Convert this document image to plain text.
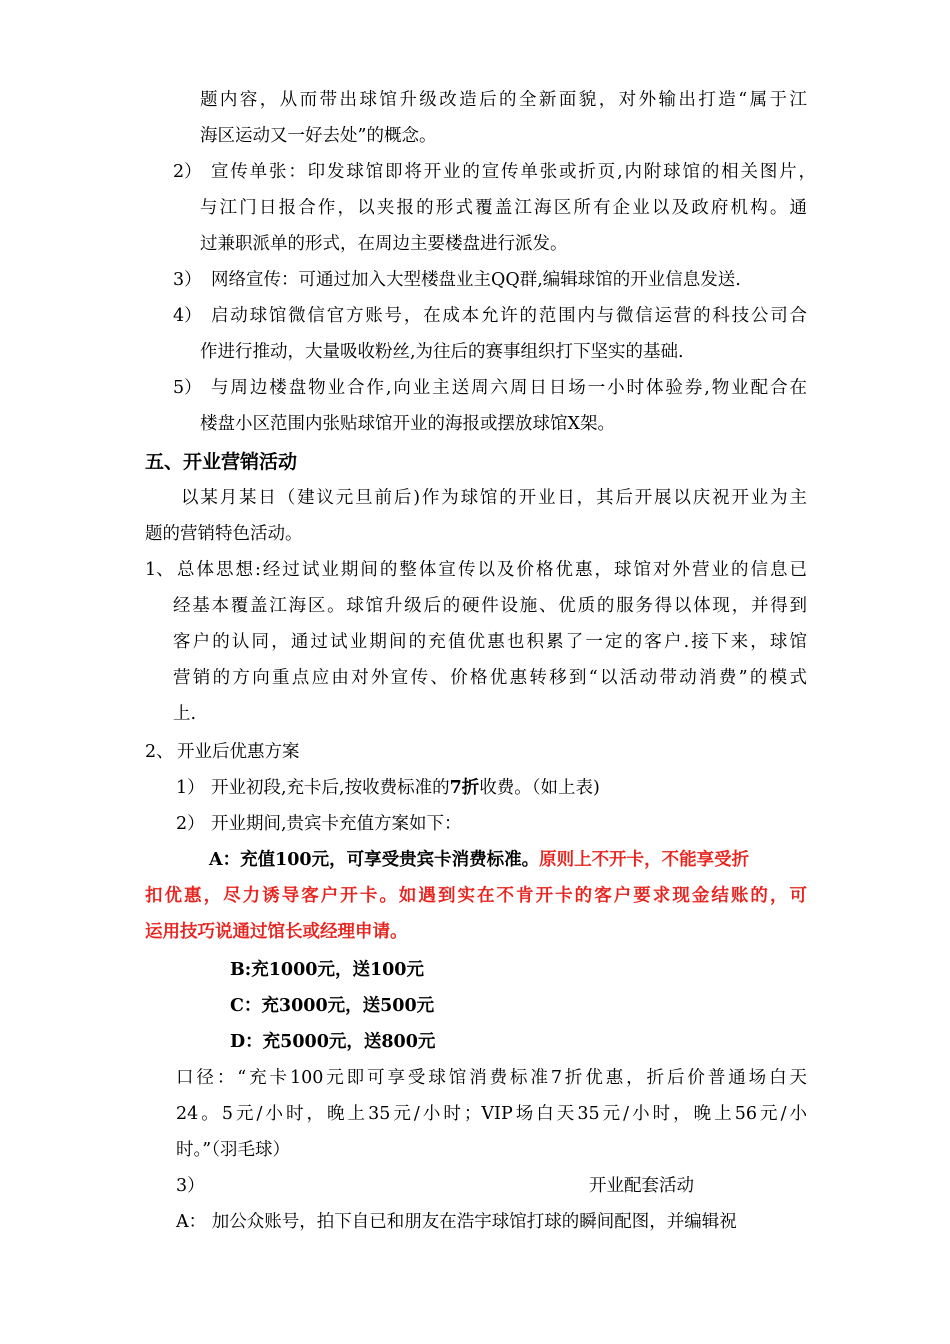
题内容，从而带出球馆升级改造后的全新面貌，对外输出打造“属于江
海区运动又一好去处”的概念。
2） 宣传单张：印发球馆即将开业的宣传单张或折页,内附球馆的相关图片，
与江门日报合作，以夹报的形式覆盖江海区所有企业以及政府机构。通
过兼职派单的形式，在周边主要楼盘进行派发。
3） 网络宣传：可通过加入大型楼盘业主QQ群,编辑球馆的开业信息发送.
4） 启动球馆微信官方账号，在成本允许的范围内与微信运营的科技公司合
作进行推动，大量吸收粉丝,为往后的赛事组织打下坚实的基础.
5） 与周边楼盘物业合作,向业主送周六周日日场一小时体验券,物业配合在
楼盘小区范围内张贴球馆开业的海报或摆放球馆X架。
五、开业营销活动
以某月某日（建议元旦前后)作为球馆的开业日，其后开展以庆祝开业为主
题的营销特色活动。
1、 总体思想:经过试业期间的整体宣传以及价格优惠，球馆对外营业的信息已
经基本覆盖江海区。球馆升级后的硬件设施、优质的服务得以体现，并得到
客户的认同，通过试业期间的充值优惠也积累了一定的客户.接下来，球馆
营销的方向重点应由对外宣传、价格优惠转移到“以活动带动消费”的模式
上.
2、 开业后优惠方案
1） 开业初段,充卡后,按收费标准的7折收费。（如上表)
2） 开业期间,贵宾卡充值方案如下：
A：充值100元，可享受贵宾卡消费标准。原则上不开卡，不能享受折
扣优惠，尽力诱导客户开卡。如遇到实在不肯开卡的客户要求现金结账的，可
运用技巧说通过馆长或经理申请。
B:充1000元，送100元
C：充3000元，送500元
D：充5000元，送800元
口径：“充卡100元即可享受球馆消费标准7折优惠，折后价普通场白天
24。5元/小时，晚上35元/小时；VIP场白天35元/小时，晚上56元/小
时。”（羽毛球）
3）	开业配套活动
A： 加公众账号，拍下自已和朋友在浩宇球馆打球的瞬间配图，并编辑祝
